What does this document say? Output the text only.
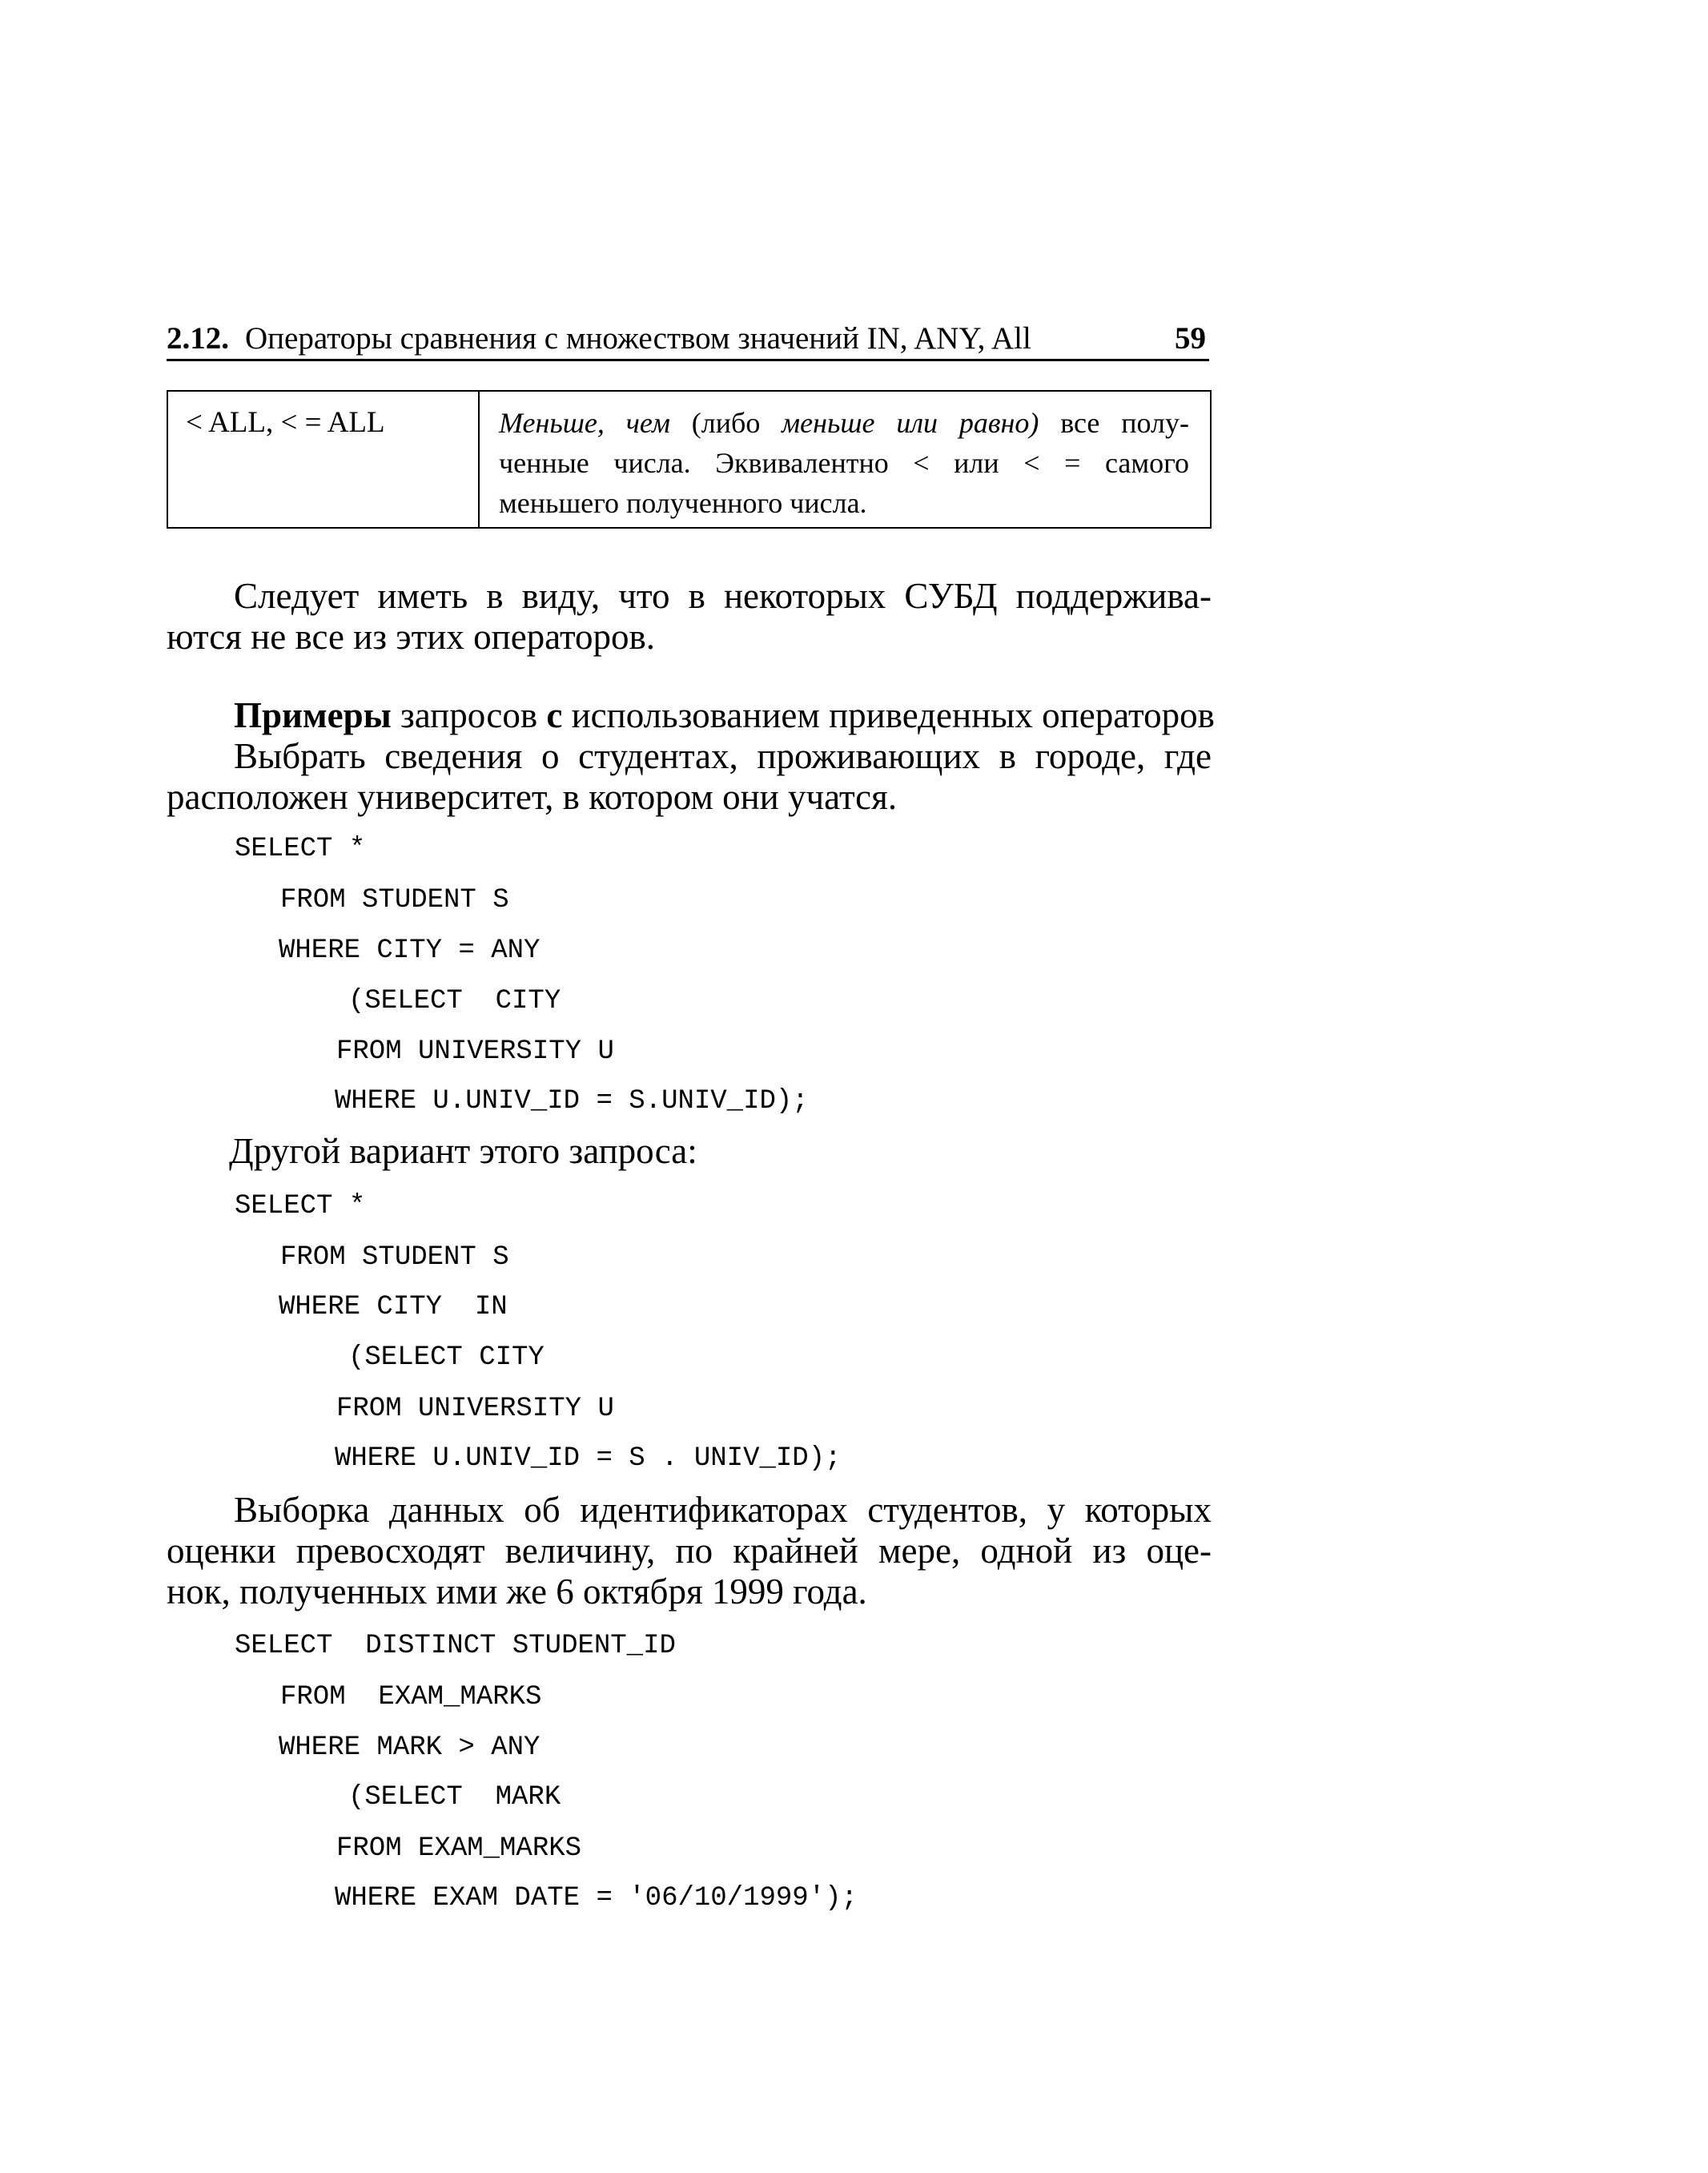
2.12. Операторы сравнения с множеством значений IN, ANY, All	59
< ALL, < = ALL	Меньше, чем (либо меньше или равно) все полу-
ченные числа. Эквивалентно < или < = самого
меньшего полученного числа.
Следует иметь в виду, что в некоторых СУБД поддержива-
ются не все из этих операторов.
Примеры запросов с использованием приведенных операторов
Выбрать сведения о студентах, проживающих в городе, где
расположен университет, в котором они учатся.
SELECT *
FROM STUDENT S
WHERE CITY = ANY
(SELECT  CITY
FROM UNIVERSITY U
WHERE U.UNIV_ID = S.UNIV_ID);
Другой вариант этого запроса:
SELECT *
FROM STUDENT S
WHERE CITY  IN
(SELECT CITY
FROM UNIVERSITY U
WHERE U.UNIV_ID = S . UNIV_ID);
Выборка данных об идентификаторах студентов, у которых
оценки превосходят величину, по крайней мере, одной из оце-
нок, полученных ими же 6 октября 1999 года.
SELECT  DISTINCT STUDENT_ID
FROM  EXAM_MARKS
WHERE MARK > ANY
(SELECT  MARK
FROM EXAM_MARKS
WHERE EXAM DATE = '06/10/1999');
